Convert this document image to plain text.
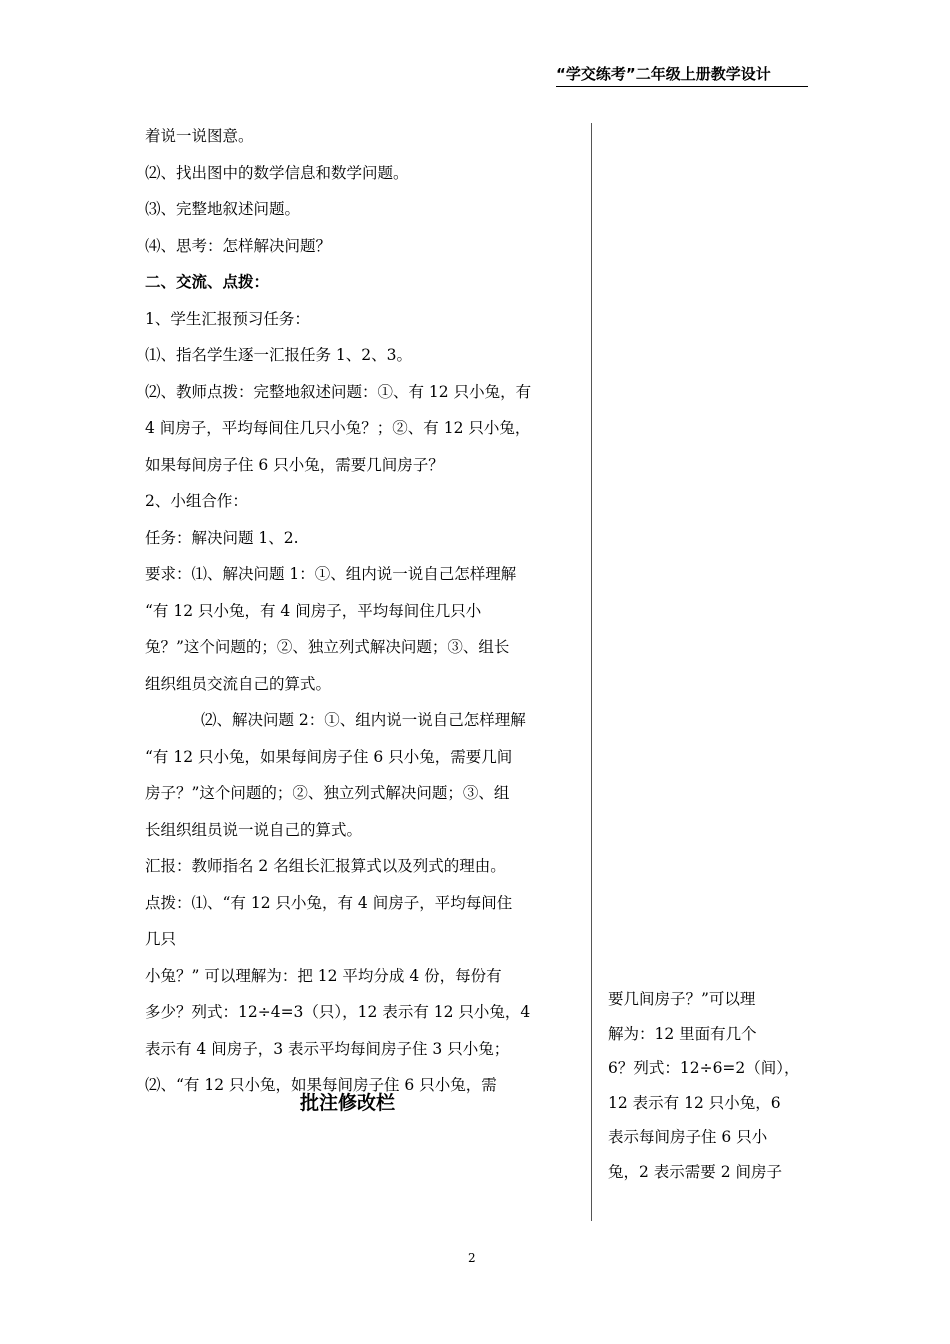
“学交练考”二年级上册教学设计
着说一说图意。
⑵、找出图中的数学信息和数学问题。
⑶、完整地叙述问题。
⑷、思考：怎样解决问题？
二、交流、点拨：
1、学生汇报预习任务：
⑴、指名学生逐一汇报任务 1、2、3。
⑵、教师点拨：完整地叙述问题：①、有 12 只小兔，有
4 间房子，平均每间住几只小兔？；②、有 12 只小兔，
如果每间房子住 6 只小兔，需要几间房子？
2、小组合作：
任务：解决问题 1、2.
要求：⑴、解决问题 1：①、组内说一说自己怎样理解
“有 12 只小兔，有 4 间房子，平均每间住几只小
兔？”这个问题的；②、独立列式解决问题；③、组长
组织组员交流自己的算式。
⑵、解决问题 2：①、组内说一说自己怎样理解
“有 12 只小兔，如果每间房子住 6 只小兔，需要几间
房子？”这个问题的；②、独立列式解决问题；③、组
长组织组员说一说自己的算式。
汇报：教师指名 2 名组长汇报算式以及列式的理由。
点拨：⑴、“有 12 只小兔，有 4 间房子，平均每间住
几只
小兔？” 可以理解为：把 12 平均分成 4 份，每份有
多少？列式：12÷4=3（只），12 表示有 12 只小兔，4
表示有 4 间房子，3 表示平均每间房子住 3 只小兔；
⑵、“有 12 只小兔，如果每间房子住 6 只小兔，需
批注修改栏
要几间房子？”可以理
解为：12 里面有几个
6？列式：12÷6=2（间），
12 表示有 12 只小兔，6
表示每间房子住 6 只小
兔，2 表示需要 2 间房子
2
